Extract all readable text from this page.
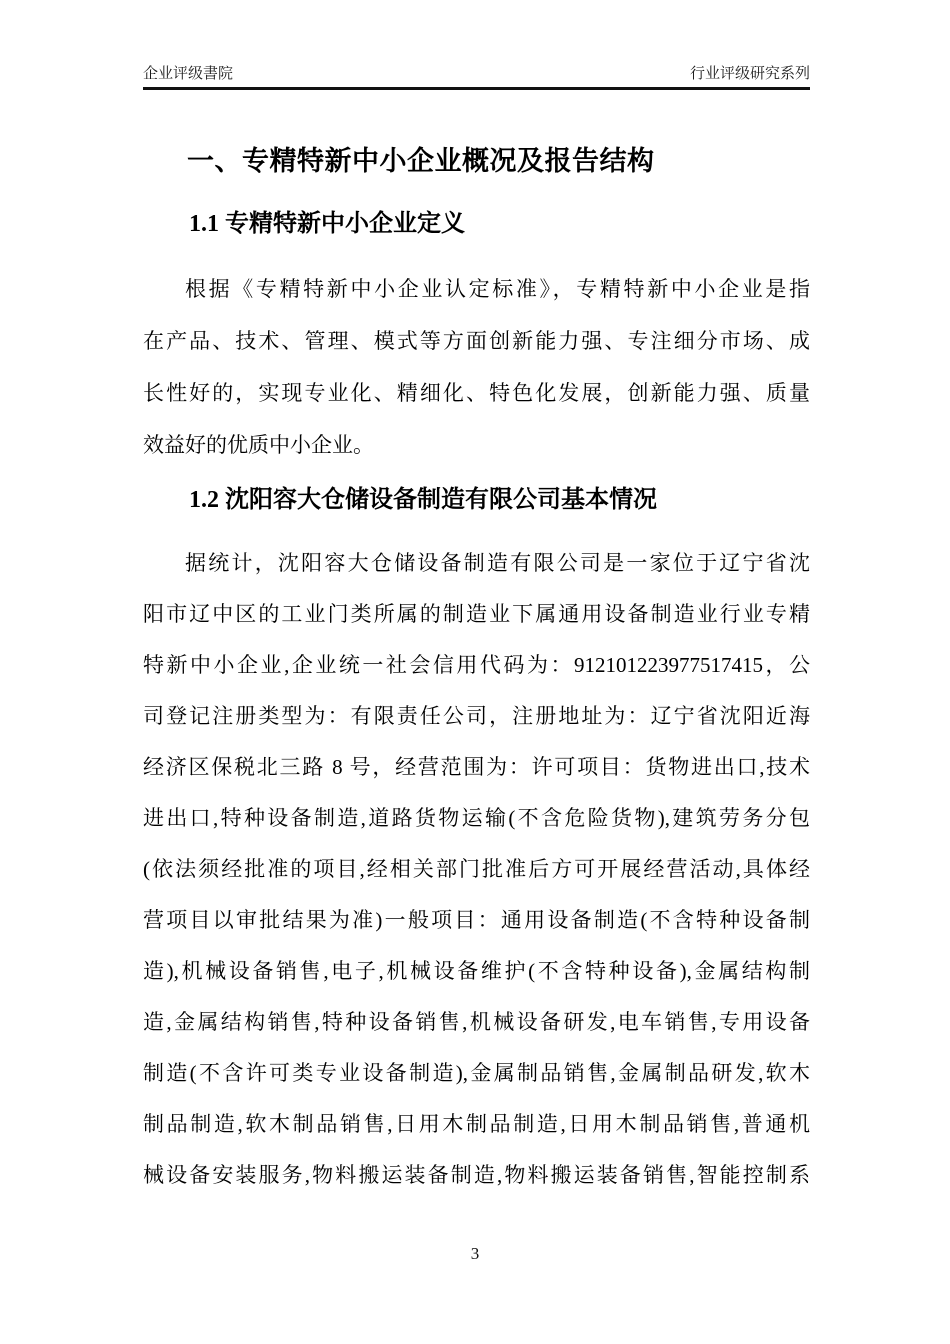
企业评级書院	行业评级研究系列
一、专精特新中小企业概况及报告结构
1.1 专精特新中小企业定义
根据《专精特新中小企业认定标准》，专精特新中小企业是指
在产品、技术、管理、模式等方面创新能力强、专注细分市场、成
长性好的，实现专业化、精细化、特色化发展，创新能力强、质量
效益好的优质中小企业。
1.2 沈阳容大仓储设备制造有限公司基本情况
据统计，沈阳容大仓储设备制造有限公司是一家位于辽宁省沈
阳市辽中区的工业门类所属的制造业下属通用设备制造业行业专精
特新中小企业,企业统一社会信用代码为：912101223977517415，公
司登记注册类型为：有限责任公司，注册地址为：辽宁省沈阳近海
经济区保税北三路 8 号，经营范围为：许可项目：货物进出口,技术
进出口,特种设备制造,道路货物运输(不含危险货物),建筑劳务分包
(依法须经批准的项目,经相关部门批准后方可开展经营活动,具体经
营项目以审批结果为准)一般项目：通用设备制造(不含特种设备制
造),机械设备销售,电子,机械设备维护(不含特种设备),金属结构制
造,金属结构销售,特种设备销售,机械设备研发,电车销售,专用设备
制造(不含许可类专业设备制造),金属制品销售,金属制品研发,软木
制品制造,软木制品销售,日用木制品制造,日用木制品销售,普通机
械设备安装服务,物料搬运装备制造,物料搬运装备销售,智能控制系
3
